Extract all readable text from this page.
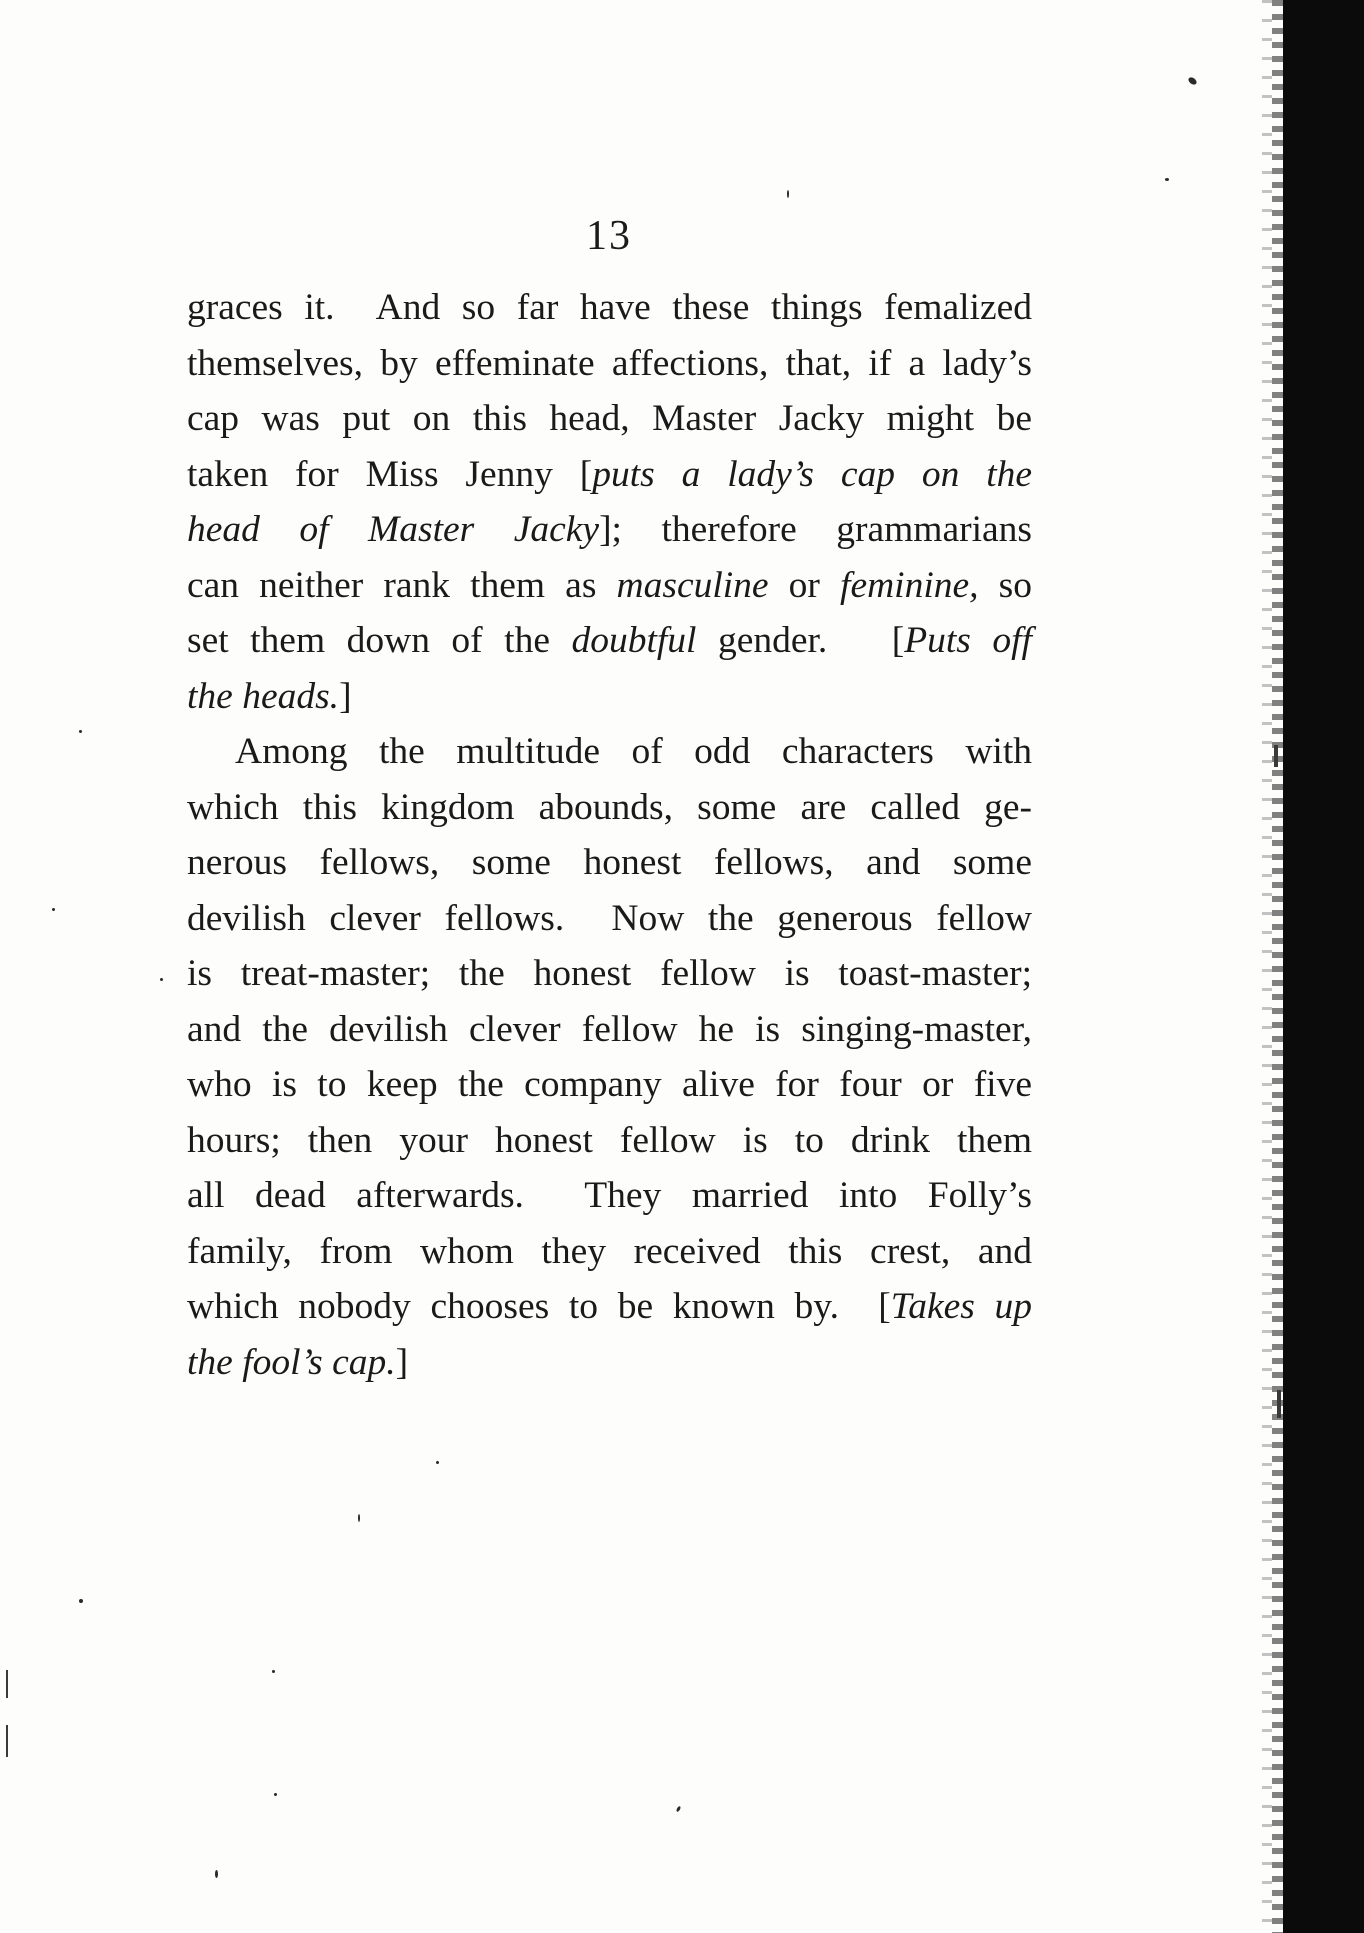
13

graces it.  And so far have these things femalized
themselves, by effeminate affections, that, if a lady’s
cap was put on this head, Master Jacky might be
taken for Miss Jenny [puts a lady’s cap on the
head of Master Jacky]; therefore grammarians
can neither rank them as masculine or feminine, so
set them down of the doubtful gender.   [Puts off
the heads.]

Among the multitude of odd characters with
which this kingdom abounds, some are called ge-
nerous fellows, some honest fellows, and some
devilish clever fellows.  Now the generous fellow
is treat-master; the honest fellow is toast-master;
and the devilish clever fellow he is singing-master,
who is to keep the company alive for four or five
hours; then your honest fellow is to drink them
all dead afterwards.  They married into Folly’s
family, from whom they received this crest, and
which nobody chooses to be known by.  [Takes up
the fool’s cap.]
